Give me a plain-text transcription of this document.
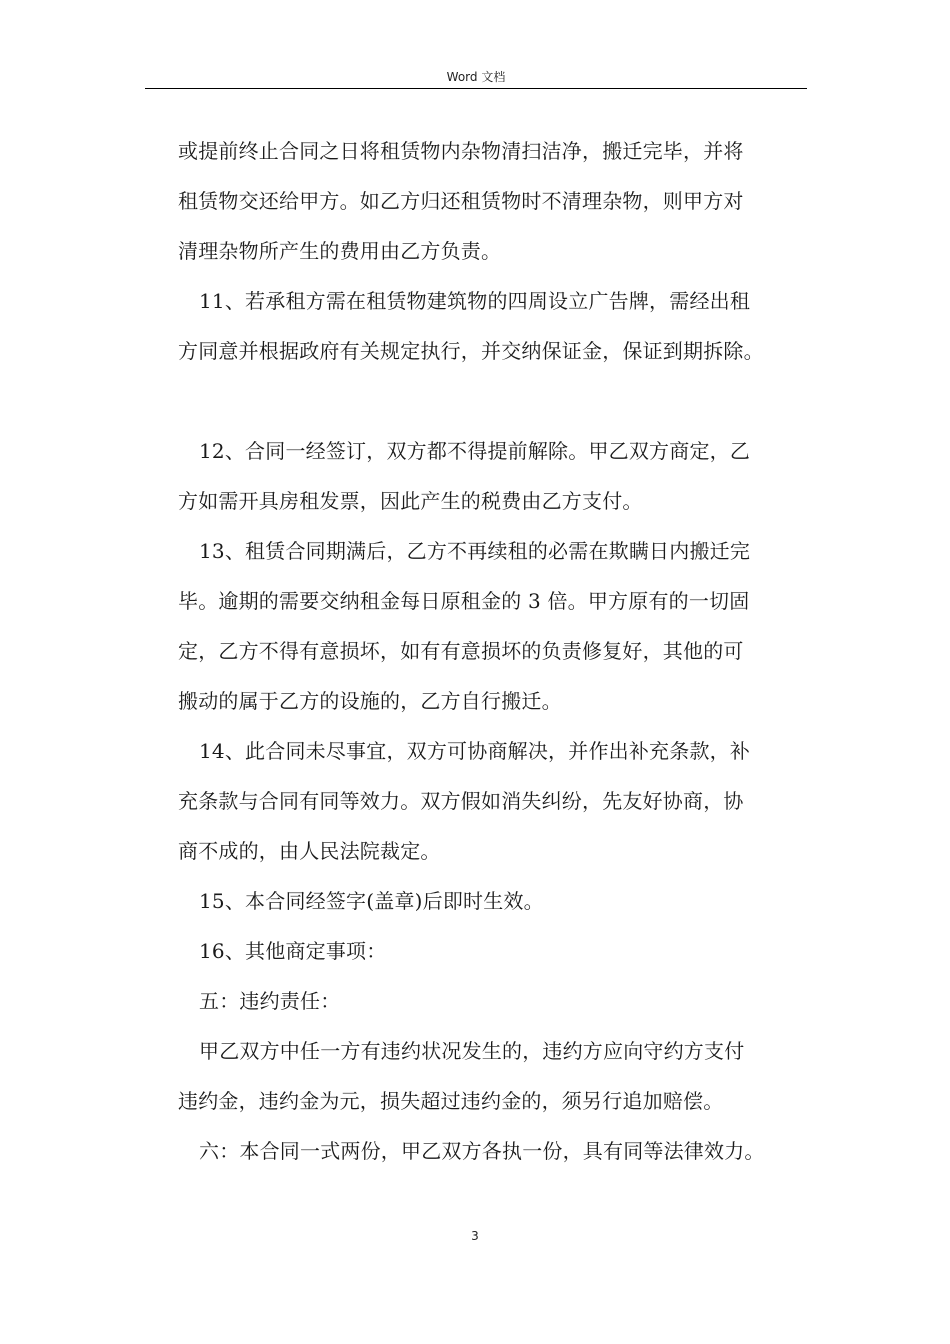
Word 文档

或提前终止合同之日将租赁物内杂物清扫洁净，搬迁完毕，并将

租赁物交还给甲方。如乙方归还租赁物时不清理杂物，则甲方对

清理杂物所产生的费用由乙方负责。

11、若承租方需在租赁物建筑物的四周设立广告牌，需经出租

方同意并根据政府有关规定执行，并交纳保证金，保证到期拆除。

12、合同一经签订，双方都不得提前解除。甲乙双方商定，乙

方如需开具房租发票，因此产生的税费由乙方支付。

13、租赁合同期满后，乙方不再续租的必需在欺瞒日内搬迁完

毕。逾期的需要交纳租金每日原租金的 3 倍。甲方原有的一切固

定，乙方不得有意损坏，如有有意损坏的负责修复好，其他的可

搬动的属于乙方的设施的，乙方自行搬迁。

14、此合同未尽事宜，双方可协商解决，并作出补充条款，补

充条款与合同有同等效力。双方假如消失纠纷，先友好协商，协

商不成的，由人民法院裁定。

15、本合同经签字(盖章)后即时生效。

16、其他商定事项：

五：违约责任：

甲乙双方中任一方有违约状况发生的，违约方应向守约方支付

违约金，违约金为元，损失超过违约金的，须另行追加赔偿。

六：本合同一式两份，甲乙双方各执一份，具有同等法律效力。

3
